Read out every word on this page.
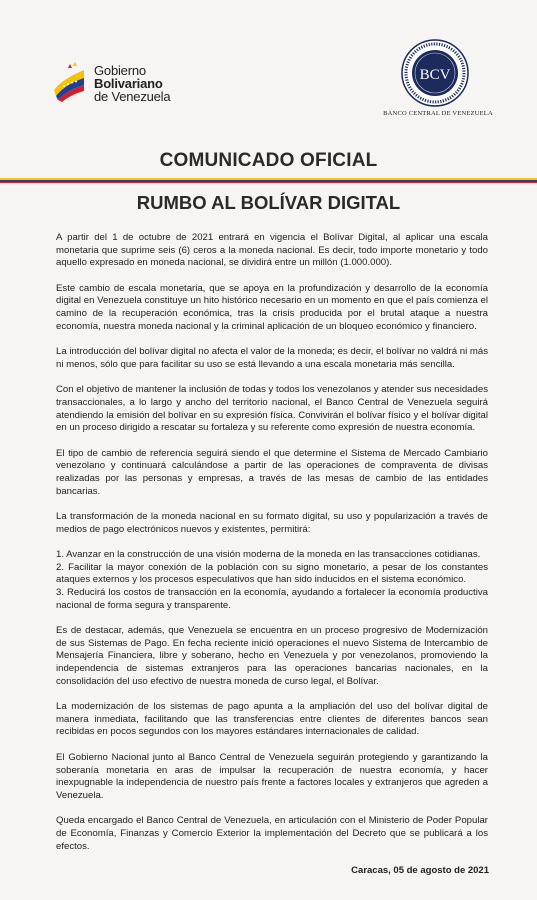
Gobierno
Bolivariano
de Venezuela
BCV
BANCO CENTRAL DE VENEZUELA
COMUNICADO OFICIAL
RUMBO AL BOLÍVAR DIGITAL

A partir del 1 de octubre de 2021 entrará en vigencia el Bolívar Digital, al aplicar una escala monetaria que suprime seis (6) ceros a la moneda nacional. Es decir, todo importe monetario y todo aquello expresado en moneda nacional, se dividirá entre un millón (1.000.000).

Este cambio de escala monetaria, que se apoya en la profundización y desarrollo de la economía digital en Venezuela constituye un hito histórico necesario en un momento en que el país comienza el camino de la recuperación económica, tras la crisis producida por el brutal ataque a nuestra economía, nuestra moneda nacional y la criminal aplicación de un bloqueo económico y financiero.

La introducción del bolívar digital no afecta el valor de la moneda; es decir, el bolívar no valdrá ni más ni menos, sólo que para facilitar su uso se está llevando a una escala monetaria más sencilla.

Con el objetivo de mantener la inclusión de todas y todos los venezolanos y atender sus necesidades transaccionales, a lo largo y ancho del territorio nacional, el Banco Central de Venezuela seguirá atendiendo la emisión del bolívar en su expresión física. Convivirán el bolívar físico y el bolívar digital en un proceso dirigido a rescatar su fortaleza y su referente como expresión de nuestra economía.

El tipo de cambio de referencia seguirá siendo el que determine el Sistema de Mercado Cambiario venezolano y continuará calculándose a partir de las operaciones de compraventa de divisas realizadas por las personas y empresas, a través de las mesas de cambio de las entidades bancarias.

La transformación de la moneda nacional en su formato digital, su uso y popularización a través de medios de pago electrónicos nuevos y existentes, permitirá:

1. Avanzar en la construcción de una visión moderna de la moneda en las transacciones cotidianas.

2. Facilitar la mayor conexión de la población con su signo monetario, a pesar de los constantes ataques externos y los procesos especulativos que han sido inducidos en el sistema económico.

3. Reducirá los costos de transacción en la economía, ayudando a fortalecer la economía productiva nacional de forma segura y transparente.

Es de destacar, además, que Venezuela se encuentra en un proceso progresivo de Modernización de sus Sistemas de Pago. En fecha reciente inició operaciones el nuevo Sistema de Intercambio de Mensajería Financiera, libre y soberano, hecho en Venezuela y por venezolanos, promoviendo la independencia de sistemas extranjeros para las operaciones bancarias nacionales, en la consolidación del uso efectivo de nuestra moneda de curso legal, el Bolívar.

La modernización de los sistemas de pago apunta a la ampliación del uso del bolívar digital de manera inmediata, facilitando que las transferencias entre clientes de diferentes bancos sean recibidas en pocos segundos con los mayores estándares internacionales de calidad.

El Gobierno Nacional junto al Banco Central de Venezuela seguirán protegiendo y garantizando la soberanía monetaria en aras de impulsar la recuperación de nuestra economía, y hacer inexpugnable la independencia de nuestro país frente a factores locales y extranjeros que agreden a Venezuela.

Queda encargado el Banco Central de Venezuela, en articulación con el Ministerio de Poder Popular de Economía, Finanzas y Comercio Exterior la implementación del Decreto que se publicará a los efectos.

Caracas, 05 de agosto de 2021
